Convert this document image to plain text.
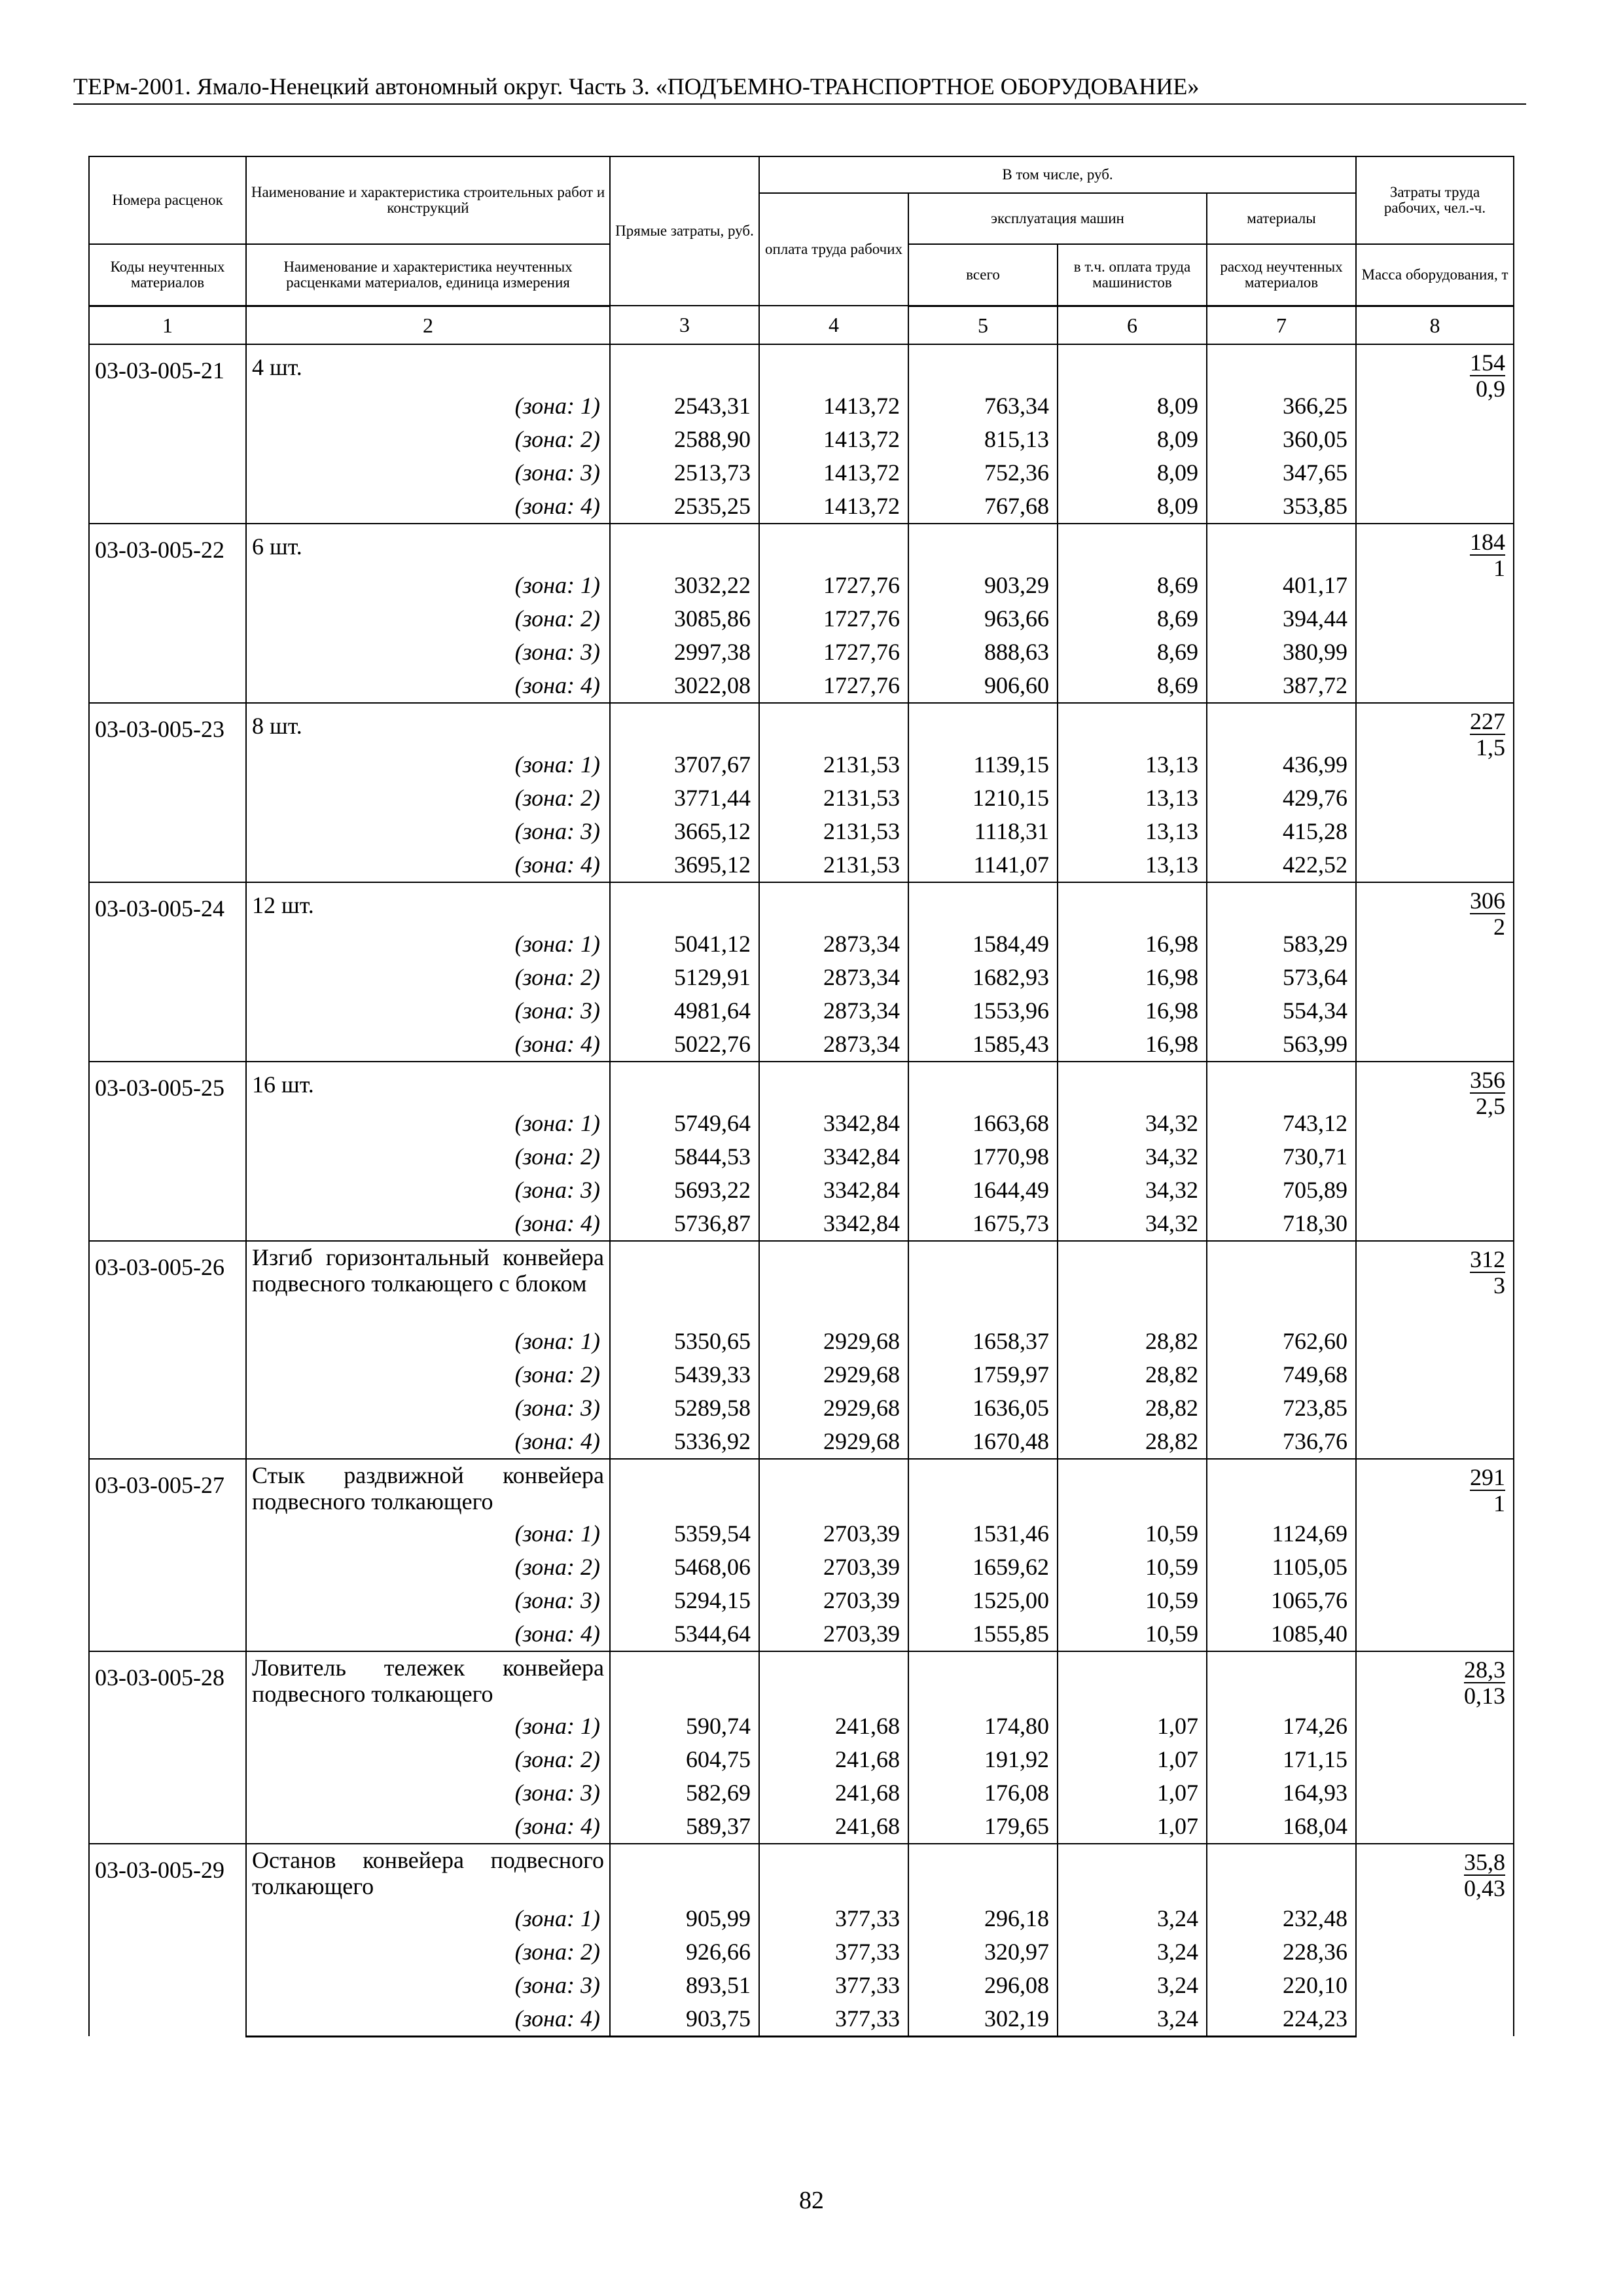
ТЕРм-2001. Ямало-Ненецкий автономный округ. Часть 3. «ПОДЪЕМНО-ТРАНСПОРТНОЕ ОБОРУДОВАНИЕ»
Номера расценок	Наименование и характеристика строительных работ и конструкций	Прямые затраты, руб.	В том числе, руб.				Затраты труда рабочих, чел.-ч.
			оплата труда рабочих	эксплуатация машин		материалы	
Коды неучтенных материалов	Наименование и характеристика неучтенных расценками материалов, единица измерения			всего	в т.ч. оплата труда машинистов	расход неучтенных материалов	Масса оборудования, т
1	2	3	4	5	6	7	8
03-03-005-21	4 шт.						$\frac{154}{0,9}$

	(зона: 1)	2543,31	1413,72	763,34	8,09	366,25	
	(зона: 2)	2588,90	1413,72	815,13	8,09	360,05	
	(зона: 3)	2513,73	1413,72	752,36	8,09	347,65	
	(зона: 4)	2535,25	1413,72	767,68	8,09	353,85	
03-03-005-22	6 шт.						$\frac{184}{1}$

	(зона: 1)	3032,22	1727,76	903,29	8,69	401,17	
	(зона: 2)	3085,86	1727,76	963,66	8,69	394,44	
	(зона: 3)	2997,38	1727,76	888,63	8,69	380,99	
	(зона: 4)	3022,08	1727,76	906,60	8,69	387,72	
03-03-005-23	8 шт.						$\frac{227}{1,5}$

	(зона: 1)	3707,67	2131,53	1139,15	13,13	436,99	
	(зона: 2)	3771,44	2131,53	1210,15	13,13	429,76	
	(зона: 3)	3665,12	2131,53	1118,31	13,13	415,28	
	(зона: 4)	3695,12	2131,53	1141,07	13,13	422,52	
03-03-005-24	12 шт.						$\frac{306}{2}$

	(зона: 1)	5041,12	2873,34	1584,49	16,98	583,29	
	(зона: 2)	5129,91	2873,34	1682,93	16,98	573,64	
	(зона: 3)	4981,64	2873,34	1553,96	16,98	554,34	
	(зона: 4)	5022,76	2873,34	1585,43	16,98	563,99	
03-03-005-25	16 шт.						$\frac{356}{2,5}$

	(зона: 1)	5749,64	3342,84	1663,68	34,32	743,12	
	(зона: 2)	5844,53	3342,84	1770,98	34,32	730,71	
	(зона: 3)	5693,22	3342,84	1644,49	34,32	705,89	
	(зона: 4)	5736,87	3342,84	1675,73	34,32	718,30	
03-03-005-26	Изгиб горизонтальный конвейера подвесного толкающего с блоком						$\frac{312}{3}$

	(зона: 1)	5350,65	2929,68	1658,37	28,82	762,60	
	(зона: 2)	5439,33	2929,68	1759,97	28,82	749,68	
	(зона: 3)	5289,58	2929,68	1636,05	28,82	723,85	
	(зона: 4)	5336,92	2929,68	1670,48	28,82	736,76	
03-03-005-27	Стык раздвижной конвейера подвесного толкающего						$\frac{291}{1}$

	(зона: 1)	5359,54	2703,39	1531,46	10,59	1124,69	
	(зона: 2)	5468,06	2703,39	1659,62	10,59	1105,05	
	(зона: 3)	5294,15	2703,39	1525,00	10,59	1065,76	
	(зона: 4)	5344,64	2703,39	1555,85	10,59	1085,40	
03-03-005-28	Ловитель тележек конвейера подвесного толкающего						$\frac{28,3}{0,13}$

	(зона: 1)	590,74	241,68	174,80	1,07	174,26	
	(зона: 2)	604,75	241,68	191,92	1,07	171,15	
	(зона: 3)	582,69	241,68	176,08	1,07	164,93	
	(зона: 4)	589,37	241,68	179,65	1,07	168,04	
03-03-005-29	Останов конвейера подвесного толкающего						$\frac{35,8}{0,43}$

	(зона: 1)	905,99	377,33	296,18	3,24	232,48	
	(зона: 2)	926,66	377,33	320,97	3,24	228,36	
	(зона: 3)	893,51	377,33	296,08	3,24	220,10	
	(зона: 4)	903,75	377,33	302,19	3,24	224,23	
82
